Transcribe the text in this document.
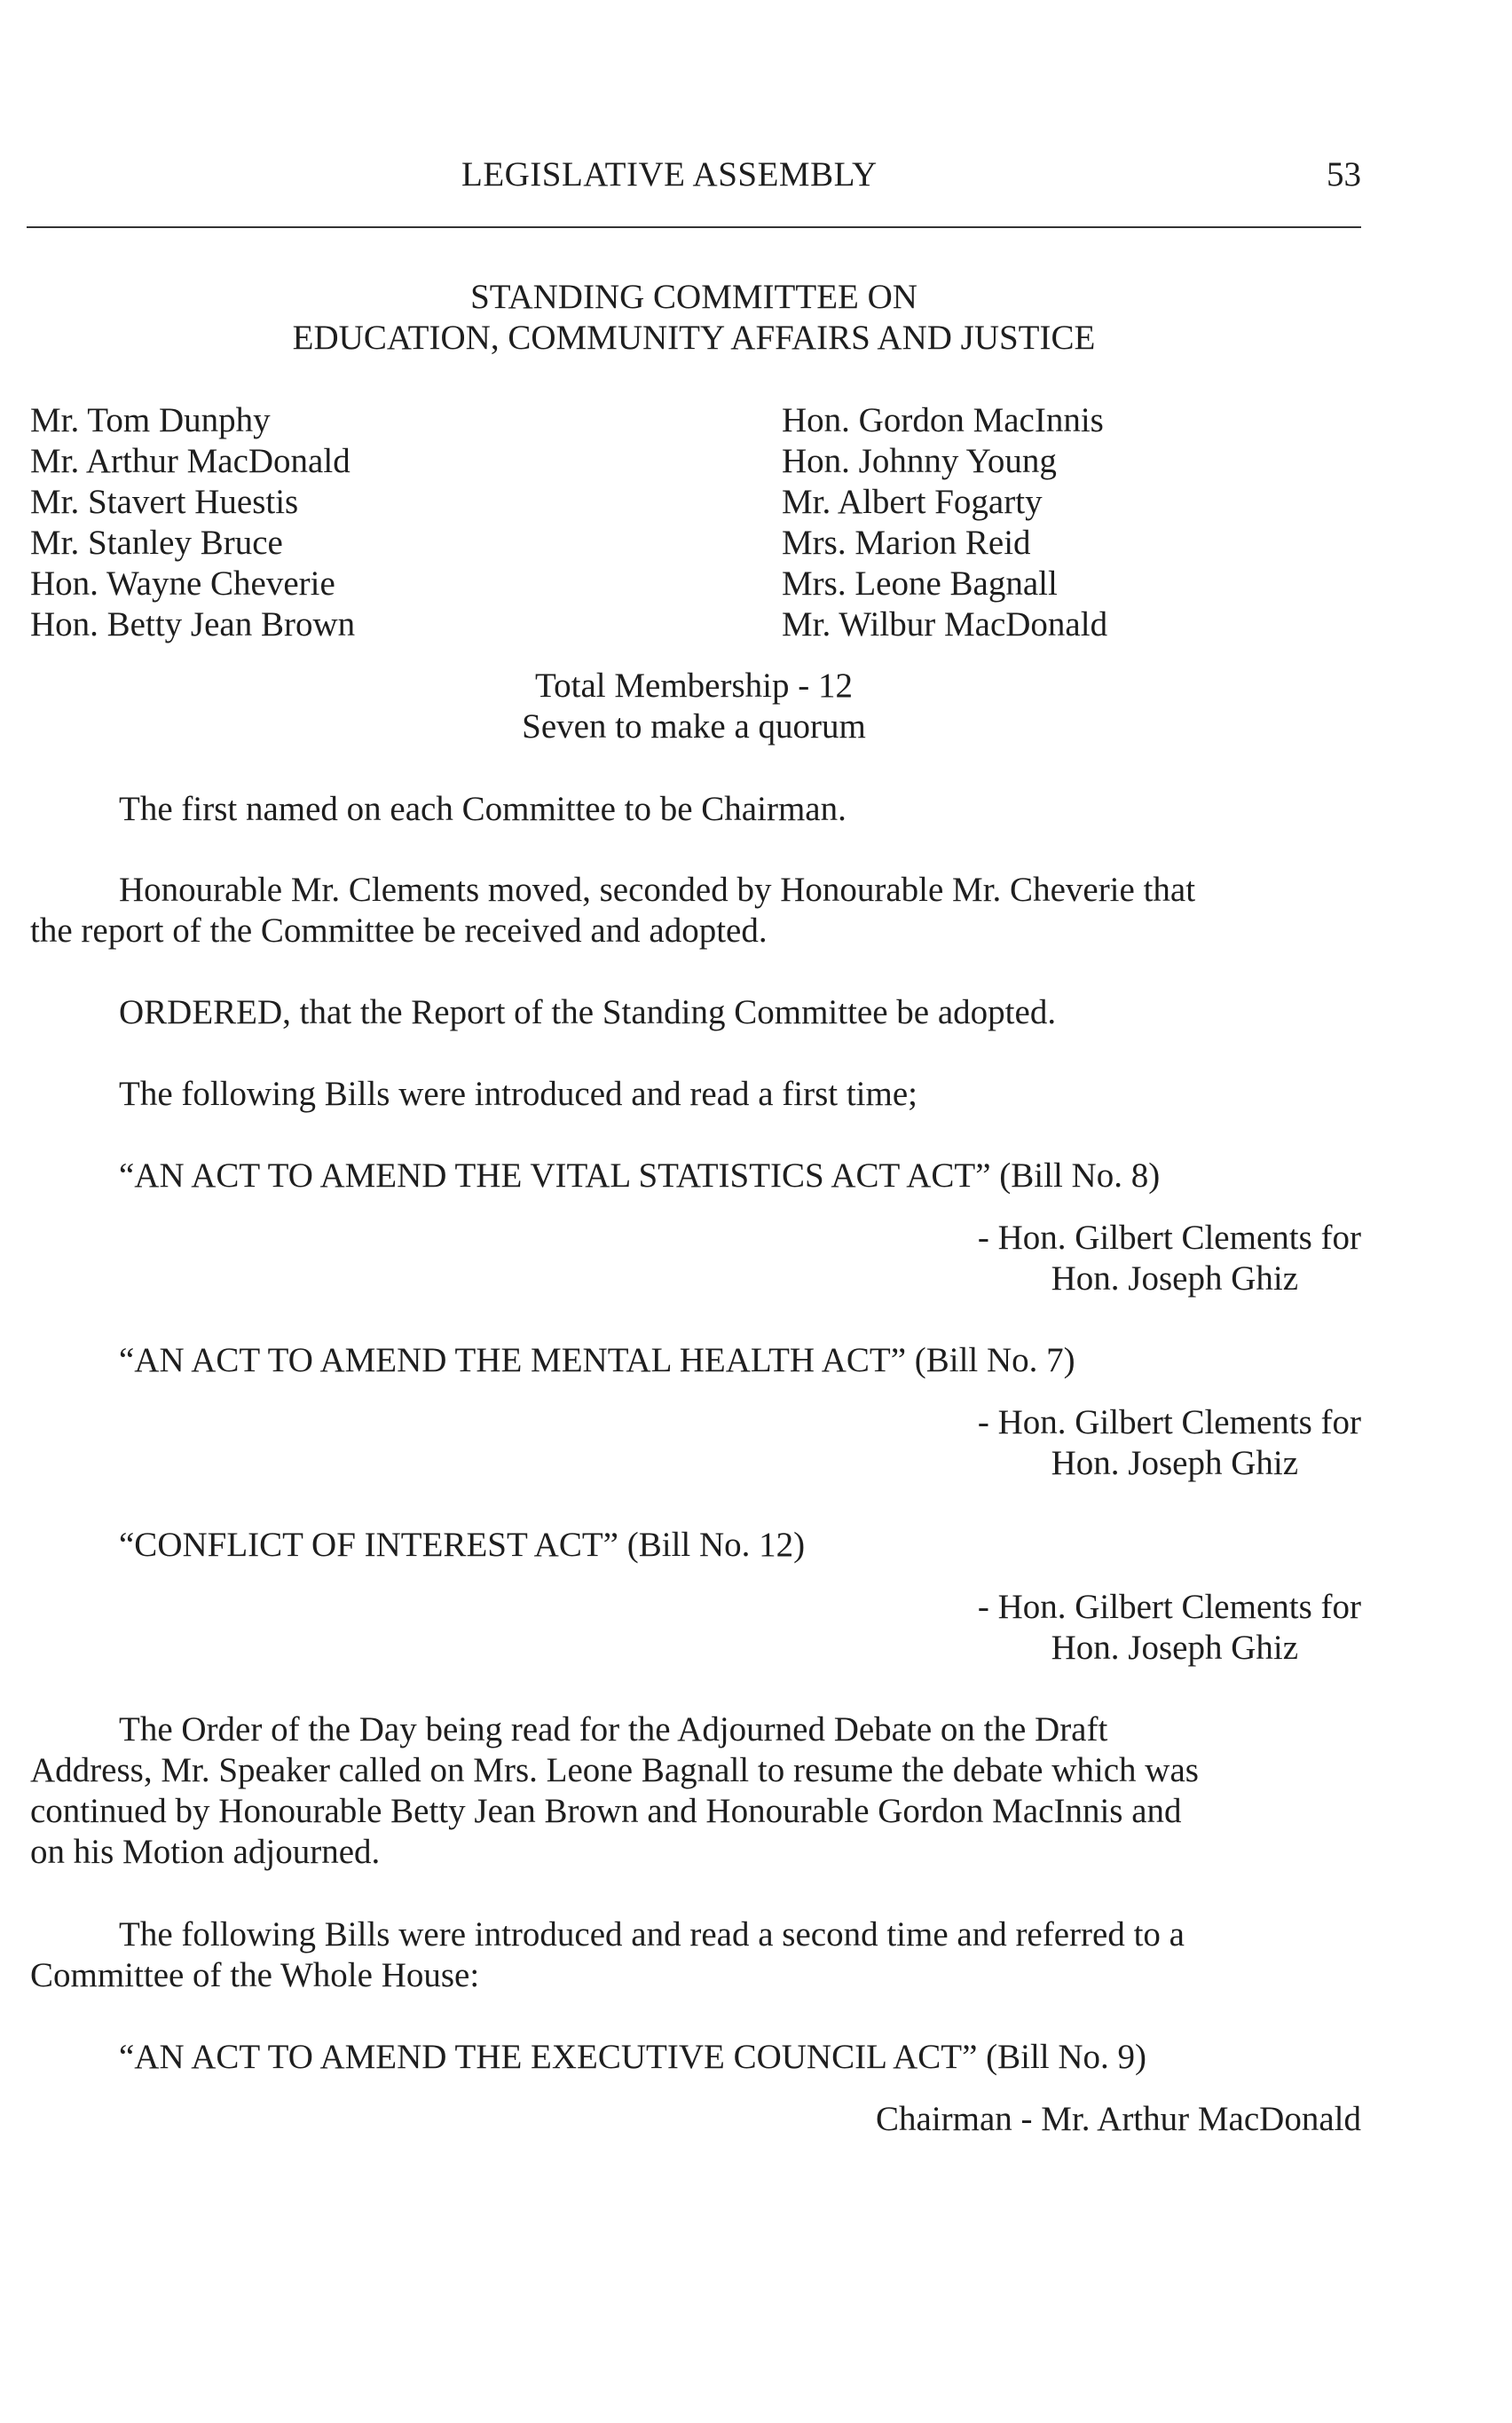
LEGISLATIVE ASSEMBLY	53
STANDING COMMITTEE ON
EDUCATION, COMMUNITY AFFAIRS AND JUSTICE
Mr. Tom Dunphy
Mr. Arthur MacDonald
Mr. Stavert Huestis
Mr. Stanley Bruce
Hon. Wayne Cheverie
Hon. Betty Jean Brown
Hon. Gordon MacInnis
Hon. Johnny Young
Mr. Albert Fogarty
Mrs. Marion Reid
Mrs. Leone Bagnall
Mr. Wilbur MacDonald
Total Membership - 12
Seven to make a quorum
The first named on each Committee to be Chairman.
Honourable Mr. Clements moved, seconded by Honourable Mr. Cheverie that
the report of the Committee be received and adopted.
ORDERED, that the Report of the Standing Committee be adopted.
The following Bills were introduced and read a first time;
“AN ACT TO AMEND THE VITAL STATISTICS ACT ACT” (Bill No. 8)
- Hon. Gilbert Clements for
Hon. Joseph Ghiz
“AN ACT TO AMEND THE MENTAL HEALTH ACT” (Bill No. 7)
- Hon. Gilbert Clements for
Hon. Joseph Ghiz
“CONFLICT OF INTEREST ACT” (Bill No. 12)
- Hon. Gilbert Clements for
Hon. Joseph Ghiz
The Order of the Day being read for the Adjourned Debate on the Draft
Address, Mr. Speaker called on Mrs. Leone Bagnall to resume the debate which was
continued by Honourable Betty Jean Brown and Honourable Gordon MacInnis and
on his Motion adjourned.
The following Bills were introduced and read a second time and referred to a
Committee of the Whole House:
“AN ACT TO AMEND THE EXECUTIVE COUNCIL ACT” (Bill No. 9)
Chairman - Mr. Arthur MacDonald
